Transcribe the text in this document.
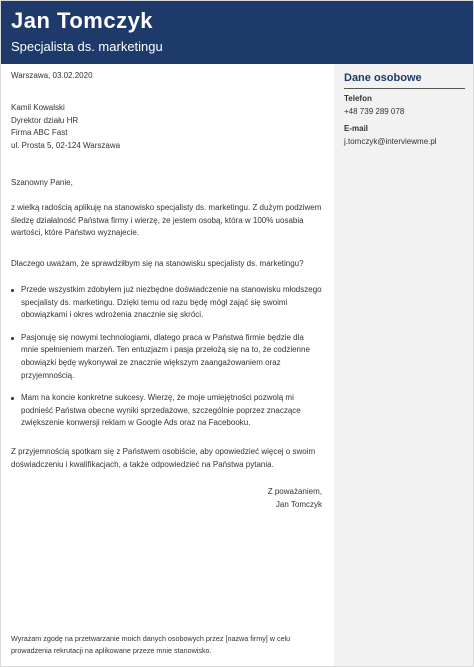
Jan Tomczyk
Specjalista ds. marketingu
Warszawa, 03.02.2020
Kamil Kowalski
Dyrektor działu HR
Firma ABC Fast
ul. Prosta 5, 02-124 Warszawa
Szanowny Panie,
z wielką radością aplikuję na stanowisko specjalisty ds. marketingu. Z dużym podziwem śledzę działalność Państwa firmy i wierzę, że jestem osobą, która w 100% uosabia wartości, które Państwo wyznajecie.
Dlaczego uważam, że sprawdziłbym się na stanowisku specjalisty ds. marketingu?
Przede wszystkim zdobyłem już niezbędne doświadczenie na stanowisku młodszego specjalisty ds. marketingu. Dzięki temu od razu będę mógł zająć się swoimi obowiązkami i okres wdrożenia znacznie się skróci.
Pasjonuję się nowymi technologiami, dlatego praca w Państwa firmie będzie dla mnie spełnieniem marzeń. Ten entuzjazm i pasja przełożą się na to, że codzienne obowiązki będę wykonywał ze znacznie większym zaangażowaniem oraz przyjemnością.
Mam na koncie konkretne sukcesy. Wierzę, że moje umiejętności pozwolą mi podnieść Państwa obecne wyniki sprzedażowe, szczególnie poprzez znaczące zwiększenie konwersji reklam w Google Ads oraz na Facebooku.
Z przyjemnością spotkam się z Państwem osobiście, aby opowiedzieć więcej o swoim doświadczeniu i kwalifikacjach, a także odpowiedzieć na Państwa pytania.
Z poważaniem,
Jan Tomczyk
Dane osobowe
Telefon
+48 739 289 078
E-mail
j.tomczyk@interviewme.pl
Wyrażam zgodę na przetwarzanie moich danych osobowych przez [nazwa firmy] w celu prowadzenia rekrutacji na aplikowane przeze mnie stanowisko.
